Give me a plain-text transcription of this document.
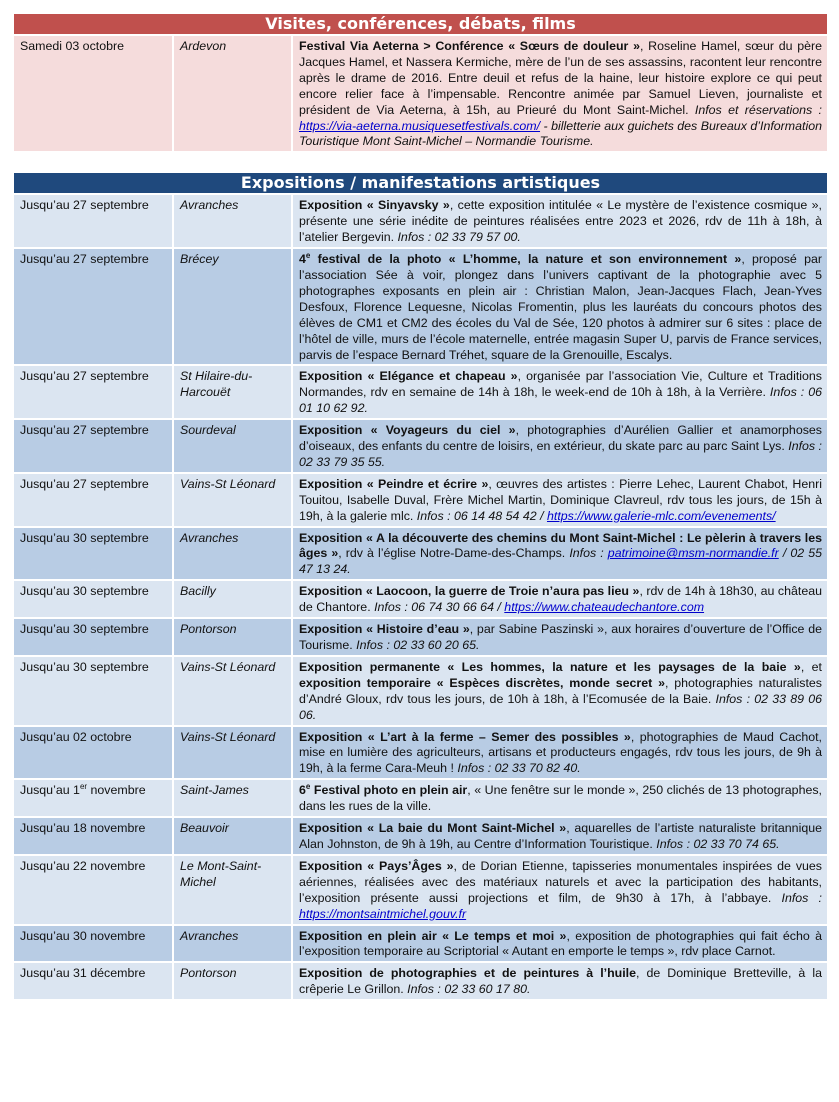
Visites, conférences, débats, films
Samedi 03 octobre	Ardevon	Festival Via Aeterna > Conférence « Sœurs de douleur », Roseline Hamel, sœur du père Jacques Hamel, et Nassera Kermiche, mère de l’un de ses assassins, racontent leur rencontre après le drame de 2016. Entre deuil et refus de la haine, leur histoire explore ce qui peut encore relier face à l’impensable. Rencontre animée par Samuel Lieven, journaliste et président de Via Aeterna, à 15h, au Prieuré du Mont Saint-Michel. Infos et réservations : https://via-aeterna.musiquesetfestivals.com/ - billetterie aux guichets des Bureaux d’Information Touristique Mont Saint-Michel – Normandie Tourisme.
Expositions / manifestations artistiques
Jusqu’au 27 septembre	Avranches	Exposition « Sinyavsky », cette exposition intitulée « Le mystère de l’existence cosmique », présente une série inédite de peintures réalisées entre 2023 et 2026, rdv de 11h à 18h, à l’atelier Bergevin. Infos : 02 33 79 57 00.
Jusqu’au 27 septembre	Brécey	4e festival de la photo « L’homme, la nature et son environnement », proposé par l’association Sée à voir, plongez dans l’univers captivant de la photographie avec 5 photographes exposants en plein air : Christian Malon, Jean-Jacques Flach, Jean-Yves Desfoux, Florence Lequesne, Nicolas Fromentin, plus les lauréats du concours photos des élèves de CM1 et CM2 des écoles du Val de Sée, 120 photos à admirer sur 6 sites : place de l’hôtel de ville, murs de l’école maternelle, entrée magasin Super U, parvis de France services, parvis de l’espace Bernard Tréhet, square de la Grenouille, Escalys.
Jusqu’au 27 septembre	St Hilaire-du-Harcouët	Exposition « Elégance et chapeau », organisée par l’association Vie, Culture et Traditions Normandes, rdv en semaine de 14h à 18h, le week-end de 10h à 18h, à la Verrière. Infos : 06 01 10 62 92.
Jusqu’au 27 septembre	Sourdeval	Exposition « Voyageurs du ciel », photographies d’Aurélien Gallier et anamorphoses d’oiseaux, des enfants du centre de loisirs, en extérieur, du skate parc au parc Saint Lys. Infos : 02 33 79 35 55.
Jusqu’au 27 septembre	Vains-St Léonard	Exposition « Peindre et écrire », œuvres des artistes : Pierre Lehec, Laurent Chabot, Henri Touitou, Isabelle Duval, Frère Michel Martin, Dominique Clavreul, rdv tous les jours, de 15h à 19h, à la galerie mlc. Infos : 06 14 48 54 42 / https://www.galerie-mlc.com/evenements/
Jusqu’au 30 septembre	Avranches	Exposition « A la découverte des chemins du Mont Saint-Michel : Le pèlerin à travers les âges », rdv à l’église Notre-Dame-des-Champs. Infos : patrimoine@msm-normandie.fr / 02 55 47 13 24.
Jusqu’au 30 septembre	Bacilly	Exposition « Laocoon, la guerre de Troie n’aura pas lieu », rdv de 14h à 18h30, au château de Chantore. Infos : 06 74 30 66 64 / https://www.chateaudechantore.com
Jusqu’au 30 septembre	Pontorson	Exposition « Histoire d’eau », par Sabine Paszinski », aux horaires d’ouverture de l’Office de Tourisme. Infos : 02 33 60 20 65.
Jusqu’au 30 septembre	Vains-St Léonard	Exposition permanente « Les hommes, la nature et les paysages de la baie », et exposition temporaire « Espèces discrètes, monde secret », photographies naturalistes d’André Gloux, rdv tous les jours, de 10h à 18h, à l’Ecomusée de la Baie. Infos : 02 33 89 06 06.
Jusqu’au 02 octobre	Vains-St Léonard	Exposition « L’art à la ferme – Semer des possibles », photographies de Maud Cachot, mise en lumière des agriculteurs, artisans et producteurs engagés, rdv tous les jours, de 9h à 19h, à la ferme Cara-Meuh ! Infos : 02 33 70 82 40.
Jusqu’au 1er novembre	Saint-James	6e Festival photo en plein air, « Une fenêtre sur le monde », 250 clichés de 13 photographes, dans les rues de la ville.
Jusqu’au 18 novembre	Beauvoir	Exposition « La baie du Mont Saint-Michel », aquarelles de l’artiste naturaliste britannique Alan Johnston, de 9h à 19h, au Centre d’Information Touristique. Infos : 02 33 70 74 65.
Jusqu’au 22 novembre	Le Mont-Saint-Michel	Exposition « Pays’Âges », de Dorian Etienne, tapisseries monumentales inspirées de vues aériennes, réalisées avec des matériaux naturels et avec la participation des habitants, l’exposition présente aussi projections et film, de 9h30 à 17h, à l’abbaye. Infos : https://montsaintmichel.gouv.fr
Jusqu’au 30 novembre	Avranches	Exposition en plein air « Le temps et moi », exposition de photographies qui fait écho à l’exposition temporaire au Scriptorial « Autant en emporte le temps », rdv place Carnot.
Jusqu’au 31 décembre	Pontorson	Exposition de photographies et de peintures à l’huile, de Dominique Bretteville, à la crêperie Le Grillon. Infos : 02 33 60 17 80.
